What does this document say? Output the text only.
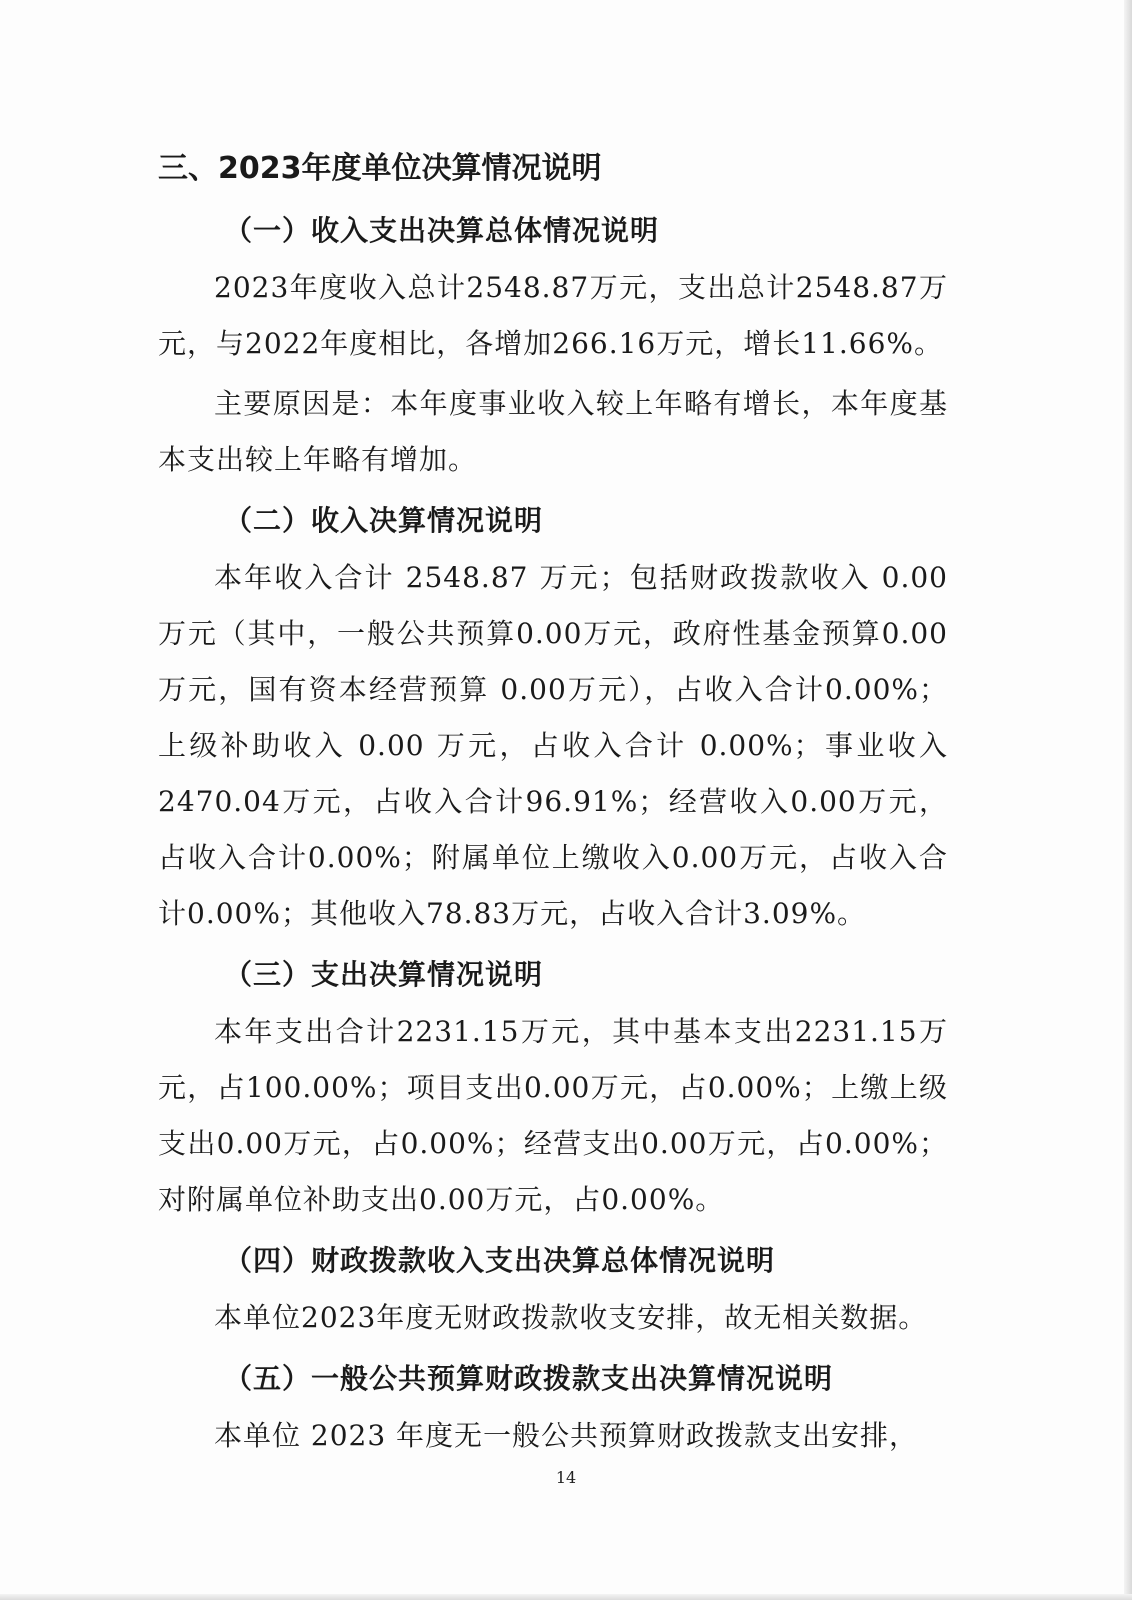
三、2023年度单位决算情况说明
（一）收入支出决算总体情况说明

2023年度收入总计2548.87万元，支出总计2548.87万元，与2022年度相比，各增加266.16万元，增长11.66%。

主要原因是：本年度事业收入较上年略有增长，本年度基本支出较上年略有增加。

（二）收入决算情况说明

本年收入合计 2548.87 万元；包括财政拨款收入 0.00万元（其中，一般公共预算0.00万元，政府性基金预算0.00万元，国有资本经营预算 0.00万元），占收入合计0.00%；上级补助收入 0.00 万元，占收入合计 0.00%；事业收入2470.04万元，占收入合计96.91%；经营收入0.00万元，占收入合计0.00%；附属单位上缴收入0.00万元，占收入合计0.00%；其他收入78.83万元，占收入合计3.09%。

（三）支出决算情况说明

本年支出合计2231.15万元，其中基本支出2231.15万元，占100.00%；项目支出0.00万元，占0.00%；上缴上级支出0.00万元，占0.00%；经营支出0.00万元，占0.00%；对附属单位补助支出0.00万元，占0.00%。

（四）财政拨款收入支出决算总体情况说明

本单位2023年度无财政拨款收支安排，故无相关数据。

（五）一般公共预算财政拨款支出决算情况说明

本单位 2023 年度无一般公共预算财政拨款支出安排，

14
